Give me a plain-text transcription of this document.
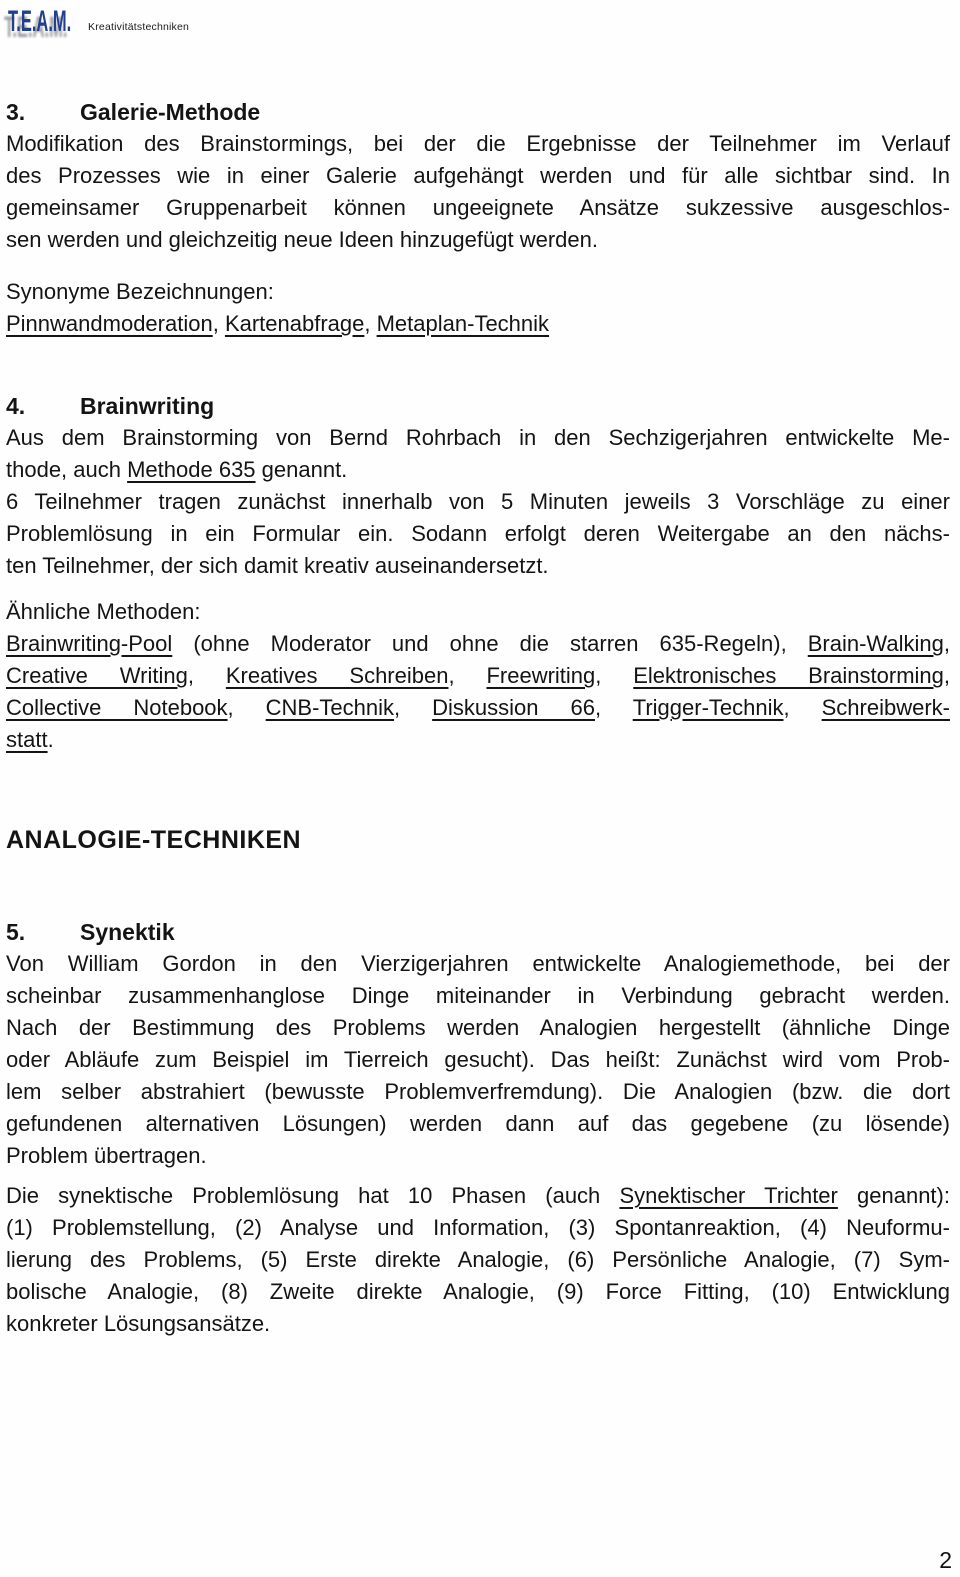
T.E.A.M. Kreativitätstechniken
3. Galerie-Methode
Modifikation des Brainstormings, bei der die Ergebnisse der Teilnehmer im Verlauf
des Prozesses wie in einer Galerie aufgehängt werden und für alle sichtbar sind. In
gemeinsamer Gruppenarbeit können ungeeignete Ansätze sukzessive ausgeschlos-
sen werden und gleichzeitig neue Ideen hinzugefügt werden.
Synonyme Bezeichnungen:
Pinnwandmoderation, Kartenabfrage, Metaplan-Technik
4. Brainwriting
Aus dem Brainstorming von Bernd Rohrbach in den Sechzigerjahren entwickelte Me-
thode, auch Methode 635 genannt.
6 Teilnehmer tragen zunächst innerhalb von 5 Minuten jeweils 3 Vorschläge zu einer
Problemlösung in ein Formular ein. Sodann erfolgt deren Weitergabe an den nächs-
ten Teilnehmer, der sich damit kreativ auseinandersetzt.
Ähnliche Methoden:
Brainwriting-Pool (ohne Moderator und ohne die starren 635-Regeln), Brain-Walking,
Creative Writing, Kreatives Schreiben, Freewriting, Elektronisches Brainstorming,
Collective Notebook, CNB-Technik, Diskussion 66, Trigger-Technik, Schreibwerk-
statt.
ANALOGIE-TECHNIKEN
5. Synektik
Von William Gordon in den Vierzigerjahren entwickelte Analogiemethode, bei der
scheinbar zusammenhanglose Dinge miteinander in Verbindung gebracht werden.
Nach der Bestimmung des Problems werden Analogien hergestellt (ähnliche Dinge
oder Abläufe zum Beispiel im Tierreich gesucht). Das heißt: Zunächst wird vom Prob-
lem selber abstrahiert (bewusste Problemverfremdung). Die Analogien (bzw. die dort
gefundenen alternativen Lösungen) werden dann auf das gegebene (zu lösende)
Problem übertragen.
Die synektische Problemlösung hat 10 Phasen (auch Synektischer Trichter genannt):
(1) Problemstellung, (2) Analyse und Information, (3) Spontanreaktion, (4) Neuformu-
lierung des Problems, (5) Erste direkte Analogie, (6) Persönliche Analogie, (7) Sym-
bolische Analogie, (8) Zweite direkte Analogie, (9) Force Fitting, (10) Entwicklung
konkreter Lösungsansätze.
2
